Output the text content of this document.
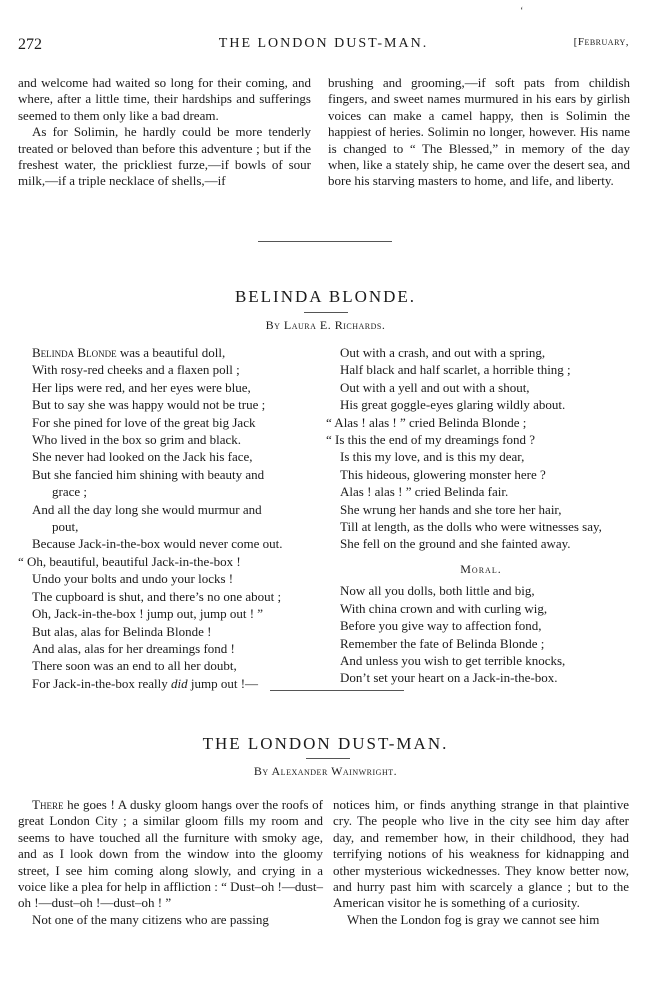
ʻ
272	THE LONDON DUST-MAN.	[February,

and welcome had waited so long for their coming, and where, after a little time, their hardships and sufferings seemed to them only like a bad dream.

As for Solimin, he hardly could be more tenderly treated or beloved than before this adventure ; but if the freshest water, the prickliest furze,—if bowls of sour milk,—if a triple necklace of shells,—if

brushing and grooming,—if soft pats from childish fingers, and sweet names murmured in his ears by girlish voices can make a camel happy, then is Solimin the happiest of heries. Solimin no longer, however. His name is changed to “ The Blessed,” in memory of the day when, like a stately ship, he came over the desert sea, and bore his starving masters to home, and life, and liberty.

BELINDA BLONDE.
By Laura E. Richards.
Belinda Blonde was a beautiful doll,
With rosy-red cheeks and a flaxen poll ;
Her lips were red, and her eyes were blue,
But to say she was happy would not be true ;
For she pined for love of the great big Jack
Who lived in the box so grim and black.
She never had looked on the Jack his face,
But she fancied him shining with beauty and
grace ;
And all the day long she would murmur and
pout,
Because Jack-in-the-box would never come out.
“ Oh, beautiful, beautiful Jack-in-the-box !
Undo your bolts and undo your locks !
The cupboard is shut, and there’s no one about ;
Oh, Jack-in-the-box ! jump out, jump out ! ”
But alas, alas for Belinda Blonde !
And alas, alas for her dreamings fond !
There soon was an end to all her doubt,
For Jack-in-the-box really did jump out !—
Out with a crash, and out with a spring,
Half black and half scarlet, a horrible thing ;
Out with a yell and out with a shout,
His great goggle-eyes glaring wildly about.
“ Alas ! alas ! ” cried Belinda Blonde ;
“ Is this the end of my dreamings fond ?
Is this my love, and is this my dear,
This hideous, glowering monster here ?
Alas ! alas ! ” cried Belinda fair.
She wrung her hands and she tore her hair,
Till at length, as the dolls who were witnesses say,
She fell on the ground and she fainted away.
Moral.
Now all you dolls, both little and big,
With china crown and with curling wig,
Before you give way to affection fond,
Remember the fate of Belinda Blonde ;
And unless you wish to get terrible knocks,
Don’t set your heart on a Jack-in-the-box.
THE LONDON DUST-MAN.
By Alexander Wainwright.

There he goes ! A dusky gloom hangs over the roofs of great London City ; a similar gloom fills my room and seems to have touched all the furniture with smoky age, and as I look down from the window into the gloomy street, I see him coming along slowly, and crying in a voice like a plea for help in affliction : “ Dust–oh !—dust–oh !—dust–oh !—dust–oh ! ”

Not one of the many citizens who are passing

notices him, or finds anything strange in that plaintive cry. The people who live in the city see him day after day, and remember how, in their childhood, they had terrifying notions of his weakness for kidnapping and other mysterious wickednesses. They know better now, and hurry past him with scarcely a glance ; but to the American visitor he is something of a curiosity.

When the London fog is gray we cannot see him
